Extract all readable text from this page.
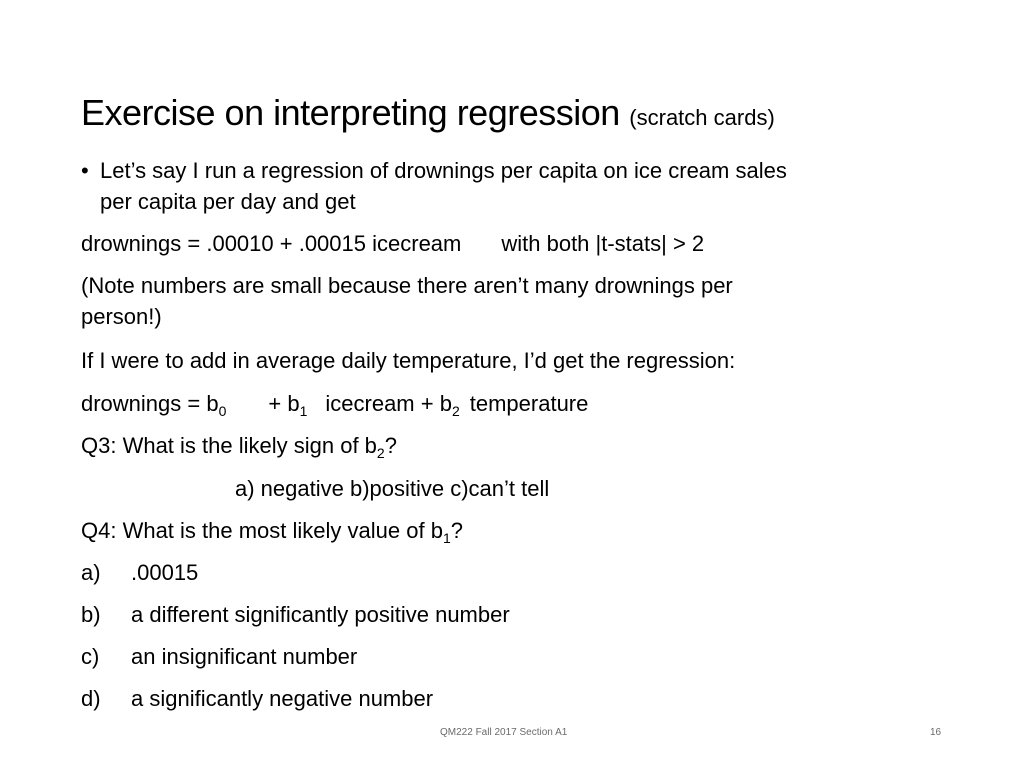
Exercise on interpreting regression (scratch cards)
• Let’s say I run a regression of drownings per capita on ice cream sales
per capita per day and get
drownings = .00010 + .00015 icecream with both |t-stats| > 2
(Note numbers are small because there aren’t many drownings per
person!)
If I were to add in average daily temperature, I’d get the regression:
drownings = $b_0 + b_1$ icecream + $b_2$ temperature
Q3: What is the likely sign of $b_2$?
a) negative b)positive c)can’t tell
Q4: What is the most likely value of $b_1$?
a) .00015
b) a different significantly positive number
c) an insignificant number
d) a significantly negative number
QM222 Fall 2017 Section A1	16
